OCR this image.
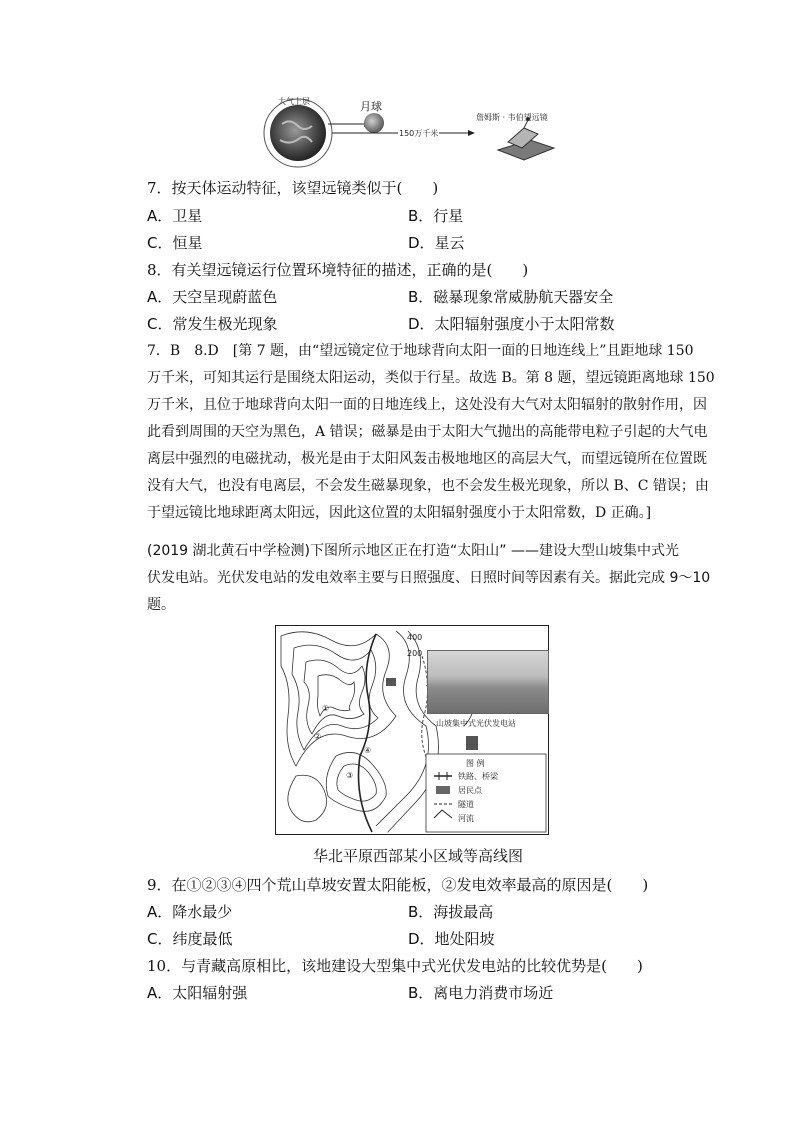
大气上层	月球
150万千米
詹姆斯 · 韦伯望远镜
7．按天体运动特征，该望远镜类似于(　　)
A．卫星	B．行星
C．恒星	D．星云
8．有关望远镜运行位置环境特征的描述，正确的是(　　)
A．天空呈现蔚蓝色	B．磁暴现象常威胁航天器安全
C．常发生极光现象	D．太阳辐射强度小于太阳常数
7．B　8.D　[第 7 题，由“望远镜定位于地球背向太阳一面的日地连线上”且距地球 150
万千米，可知其运行是围绕太阳运动，类似于行星。故选 B。第 8 题，望远镜距离地球 150
万千米，且位于地球背向太阳一面的日地连线上，这处没有大气对太阳辐射的散射作用，因
此看到周围的天空为黑色，A 错误；磁暴是由于太阳大气抛出的高能带电粒子引起的大气电
离层中强烈的电磁扰动，极光是由于太阳风轰击极地地区的高层大气，而望远镜所在位置既
没有大气，也没有电离层，不会发生磁暴现象，也不会发生极光现象，所以 B、C 错误；由
于望远镜比地球距离太阳远，因此这位置的太阳辐射强度小于太阳常数，D 正确。]
(2019 湖北黄石中学检测)下图所示地区正在打造“太阳山” ——建设大型山坡集中式光
伏发电站。光伏发电站的发电效率主要与日照强度、日照时间等因素有关。据此完成 9～10
题。
400
200
①
②
③
④
山坡集中式光伏发电站
图 例
铁路、桥梁
居民点
隧道
河流
华北平原西部某小区域等高线图
9．在①②③④四个荒山草坡安置太阳能板，②发电效率最高的原因是(　　)
A．降水最少	B．海拔最高
C．纬度最低	D．地处阳坡
10．与青藏高原相比，该地建设大型集中式光伏发电站的比较优势是(　　)
A．太阳辐射强	B．离电力消费市场近
